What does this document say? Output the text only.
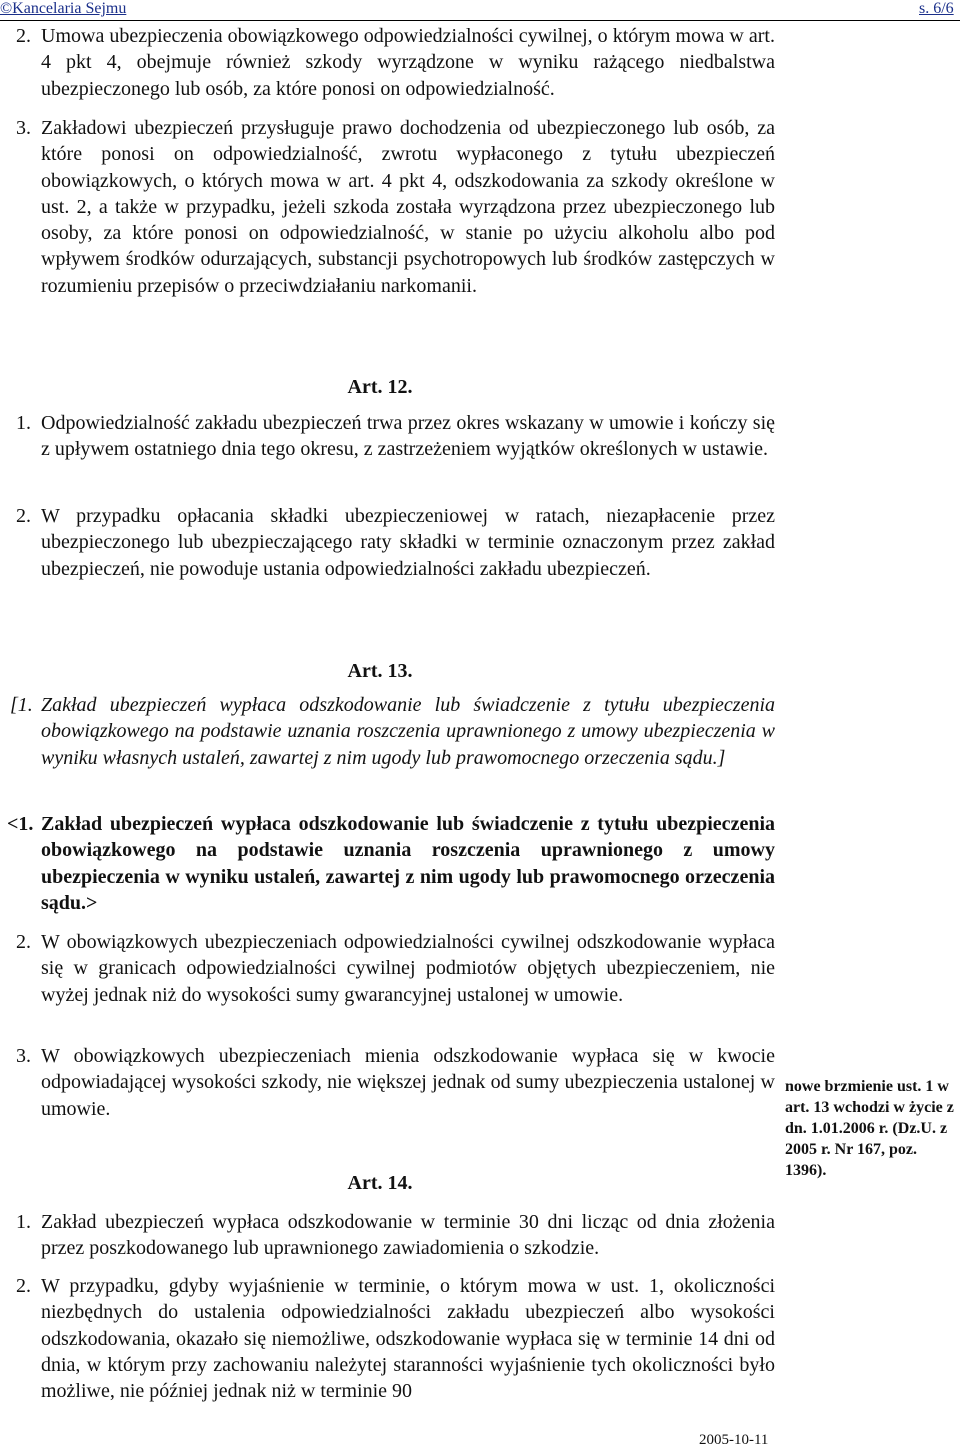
©Kancelaria Sejmu	s. 6/6
2. Umowa ubezpieczenia obowiązkowego odpowiedzialności cywilnej, o którym mowa w art. 4 pkt 4, obejmuje również szkody wyrządzone w wyniku rażącego niedbalstwa ubezpieczonego lub osób, za które ponosi on odpowiedzialność.

3. Zakładowi ubezpieczeń przysługuje prawo dochodzenia od ubezpieczonego lub osób, za które ponosi on odpowiedzialność, zwrotu wypłaconego z tytułu ubezpieczeń obowiązkowych, o których mowa w art. 4 pkt 4, odszkodowania za szkody określone w ust. 2, a także w przypadku, jeżeli szkoda została wyrządzona przez ubezpieczonego lub osoby, za które ponosi on odpowiedzialność, w stanie po użyciu alkoholu albo pod wpływem środków odurzających, substancji psychotropowych lub środków zastępczych w rozumieniu przepisów o przeciwdziałaniu narkomanii.

Art. 12.
1. Odpowiedzialność zakładu ubezpieczeń trwa przez okres wskazany w umowie i kończy się z upływem ostatniego dnia tego okresu, z zastrzeżeniem wyjątków określonych w ustawie.

2. W przypadku opłacania składki ubezpieczeniowej w ratach, niezapłacenie przez ubezpieczonego lub ubezpieczającego raty składki w terminie oznaczonym przez zakład ubezpieczeń, nie powoduje ustania odpowiedzialności zakładu ubezpieczeń.

Art. 13.
[1. Zakład ubezpieczeń wypłaca odszkodowanie lub świadczenie z tytułu ubezpieczenia obowiązkowego na podstawie uznania roszczenia uprawnionego z umowy ubezpieczenia w wyniku własnych ustaleń, zawartej z nim ugody lub prawomocnego orzeczenia sądu.]

<1. Zakład ubezpieczeń wypłaca odszkodowanie lub świadczenie z tytułu ubezpieczenia obowiązkowego na podstawie uznania roszczenia uprawnionego z umowy ubezpieczenia w wyniku ustaleń, zawartej z nim ugody lub prawomocnego orzeczenia sądu.>

2. W obowiązkowych ubezpieczeniach odpowiedzialności cywilnej odszkodowanie wypłaca się w granicach odpowiedzialności cywilnej podmiotów objętych ubezpieczeniem, nie wyżej jednak niż do wysokości sumy gwarancyjnej ustalonej w umowie.

3. W obowiązkowych ubezpieczeniach mienia odszkodowanie wypłaca się w kwocie odpowiadającej wysokości szkody, nie większej jednak od sumy ubezpieczenia ustalonej w umowie.

nowe brzmienie ust. 1 w art. 13 wchodzi w życie z dn. 1.01.2006 r. (Dz.U. z 2005 r. Nr 167, poz. 1396).
Art. 14.
1. Zakład ubezpieczeń wypłaca odszkodowanie w terminie 30 dni licząc od dnia złożenia przez poszkodowanego lub uprawnionego zawiadomienia o szkodzie.

2. W przypadku, gdyby wyjaśnienie w terminie, o którym mowa w ust. 1, okoliczności niezbędnych do ustalenia odpowiedzialności zakładu ubezpieczeń albo wysokości odszkodowania, okazało się niemożliwe, odszkodowanie wypłaca się w terminie 14 dni od dnia, w którym przy zachowaniu należytej staranności wyjaśnienie tych okoliczności było możliwe, nie później jednak niż w terminie 90

2005-10-11
